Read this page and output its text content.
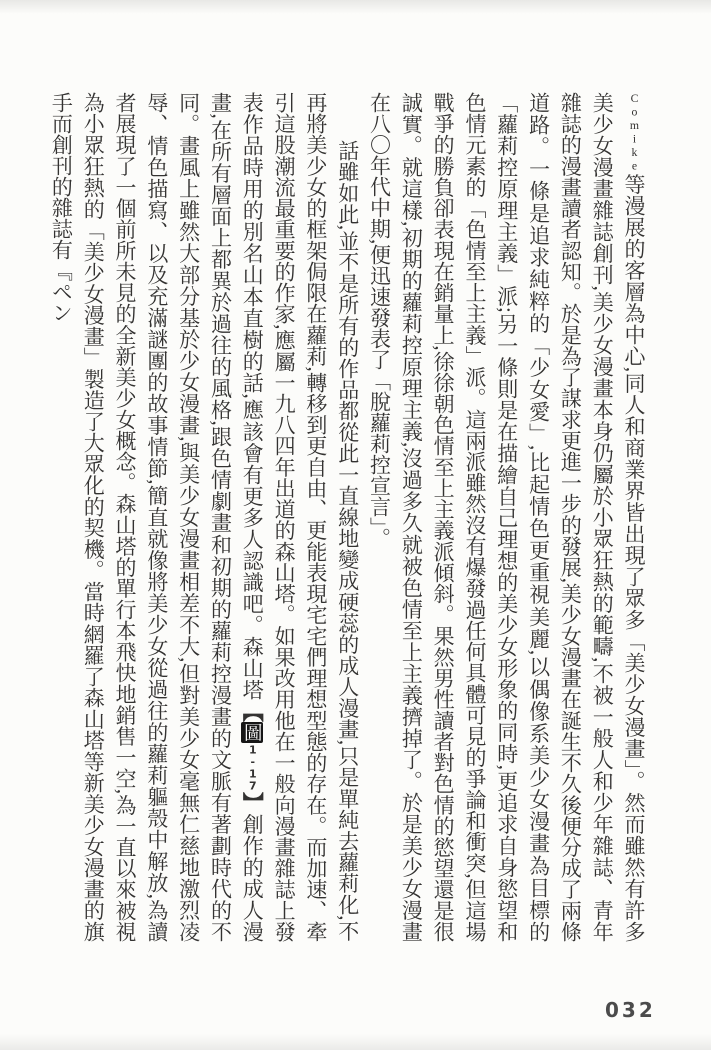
Comike等漫展的客層為中心,同人和商業界皆出現了眾多「美少女漫畫」。然而雖然有許多美少女漫畫雜誌創刊,美少女漫畫本身仍屬於小眾狂熱的範疇,不被一般人和少年雜誌、青年雜誌的漫畫讀者認知。於是為了謀求更進一步的發展,美少女漫畫在誕生不久後便分成了兩條道路。一條是追求純粹的「少女愛」,比起情色更重視美麗,以偶像系美少女漫畫為目標的「蘿莉控原理主義」派;另一條則是在描繪自己理想的美少女形象的同時,更追求自身慾望和色情元素的「色情至上主義」派。這兩派雖然沒有爆發過任何具體可見的爭論和衝突,但這場戰爭的勝負卻表現在銷量上,徐徐朝色情至上主義派傾斜。果然男性讀者對色情的慾望還是很誠實。就這樣,初期的蘿莉控原理主義,沒過多久就被色情至上主義擠掉了。於是美少女漫畫在八〇年代中期,便迅速發表了「脫蘿莉控宣言」。

話雖如此,並不是所有的作品都從此一直線地變成硬蕊的成人漫畫,只是單純去蘿莉化,不再將美少女的框架侷限在蘿莉,轉移到更自由、更能表現宅宅們理想型態的存在。而加速、牽引這股潮流最重要的作家,應屬一九八四年出道的森山塔。如果改用他在一般向漫畫雜誌上發表作品時用的別名山本直樹的話,應該會有更多人認識吧。森山塔【圖1-17】創作的成人漫畫,在所有層面上都異於過往的風格,跟色情劇畫和初期的蘿莉控漫畫的文脈有著劃時代的不同。畫風上雖然大部分基於少女漫畫,與美少女漫畫相差不大,但對美少女毫無仁慈地激烈凌辱、情色描寫、以及充滿謎團的故事情節,簡直就像將美少女從過往的蘿莉軀殼中解放,為讀者展現了一個前所未見的全新美少女概念。森山塔的單行本飛快地銷售一空,為一直以來被視為小眾狂熱的「美少女漫畫」製造了大眾化的契機。當時網羅了森山塔等新美少女漫畫的旗手而創刊的雜誌有『ペン

032
